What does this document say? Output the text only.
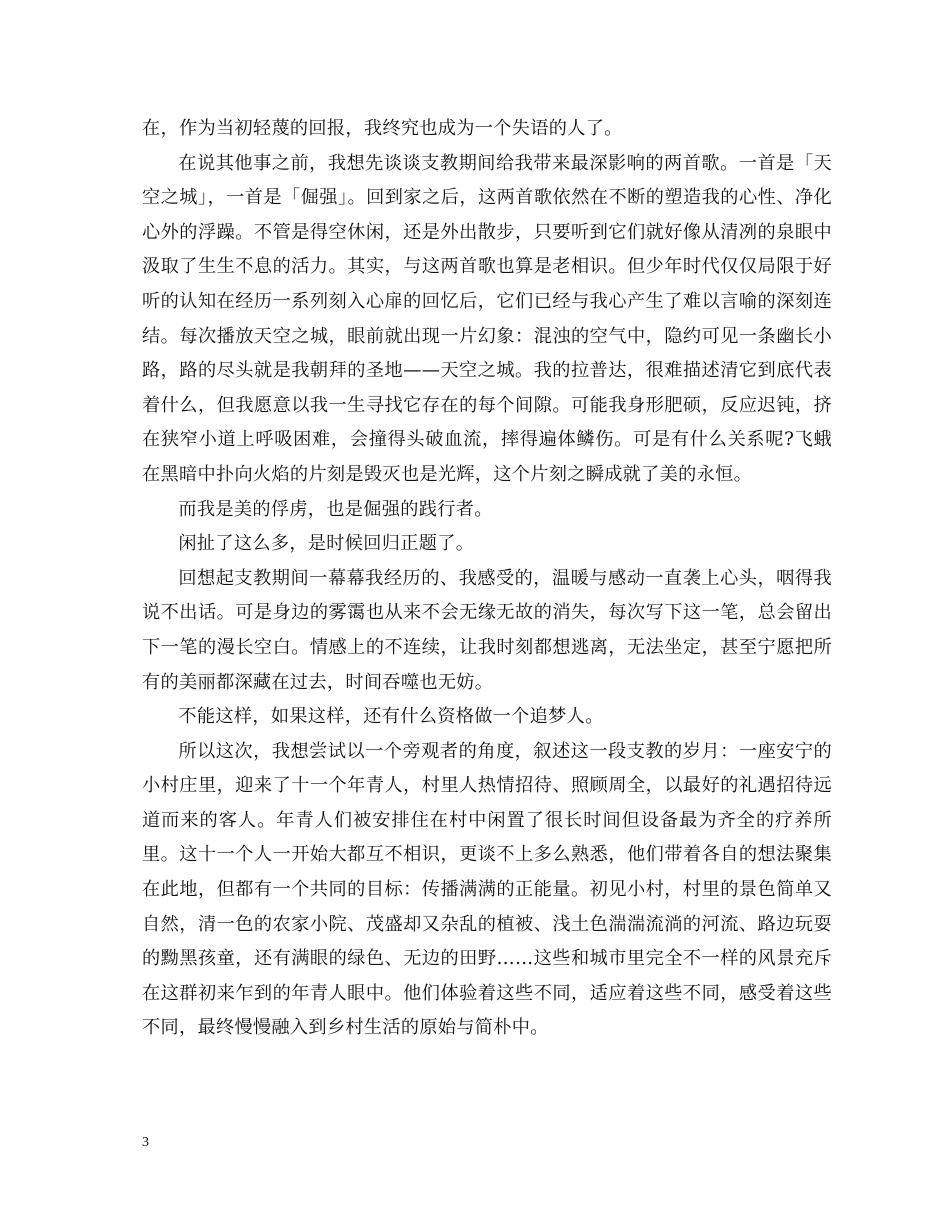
在，作为当初轻蔑的回报，我终究也成为一个失语的人了。

在说其他事之前，我想先谈谈支教期间给我带来最深影响的两首歌。一首是「天空之城」，一首是「倔强」。回到家之后，这两首歌依然在不断的塑造我的心性、净化心外的浮躁。不管是得空休闲，还是外出散步，只要听到它们就好像从清冽的泉眼中汲取了生生不息的活力。其实，与这两首歌也算是老相识。但少年时代仅仅局限于好听的认知在经历一系列刻入心扉的回忆后，它们已经与我心产生了难以言喻的深刻连结。每次播放天空之城，眼前就出现一片幻象：混浊的空气中，隐约可见一条幽长小路，路的尽头就是我朝拜的圣地——天空之城。我的拉普达，很难描述清它到底代表着什么，但我愿意以我一生寻找它存在的每个间隙。可能我身形肥硕，反应迟钝，挤在狭窄小道上呼吸困难，会撞得头破血流，摔得遍体鳞伤。可是有什么关系呢?飞蛾在黑暗中扑向火焰的片刻是毁灭也是光辉，这个片刻之瞬成就了美的永恒。

而我是美的俘虏，也是倔强的践行者。

闲扯了这么多，是时候回归正题了。

回想起支教期间一幕幕我经历的、我感受的，温暖与感动一直袭上心头，咽得我说不出话。可是身边的雾霭也从来不会无缘无故的消失，每次写下这一笔，总会留出下一笔的漫长空白。情感上的不连续，让我时刻都想逃离，无法坐定，甚至宁愿把所有的美丽都深藏在过去，时间吞噬也无妨。

不能这样，如果这样，还有什么资格做一个追梦人。

所以这次，我想尝试以一个旁观者的角度，叙述这一段支教的岁月：一座安宁的小村庄里，迎来了十一个年青人，村里人热情招待、照顾周全，以最好的礼遇招待远道而来的客人。年青人们被安排住在村中闲置了很长时间但设备最为齐全的疗养所里。这十一个人一开始大都互不相识，更谈不上多么熟悉，他们带着各自的想法聚集在此地，但都有一个共同的目标：传播满满的正能量。初见小村，村里的景色简单又自然，清一色的农家小院、茂盛却又杂乱的植被、浅土色湍湍流淌的河流、路边玩耍的黝黑孩童，还有满眼的绿色、无边的田野……这些和城市里完全不一样的风景充斥在这群初来乍到的年青人眼中。他们体验着这些不同，适应着这些不同，感受着这些不同，最终慢慢融入到乡村生活的原始与简朴中。

3
